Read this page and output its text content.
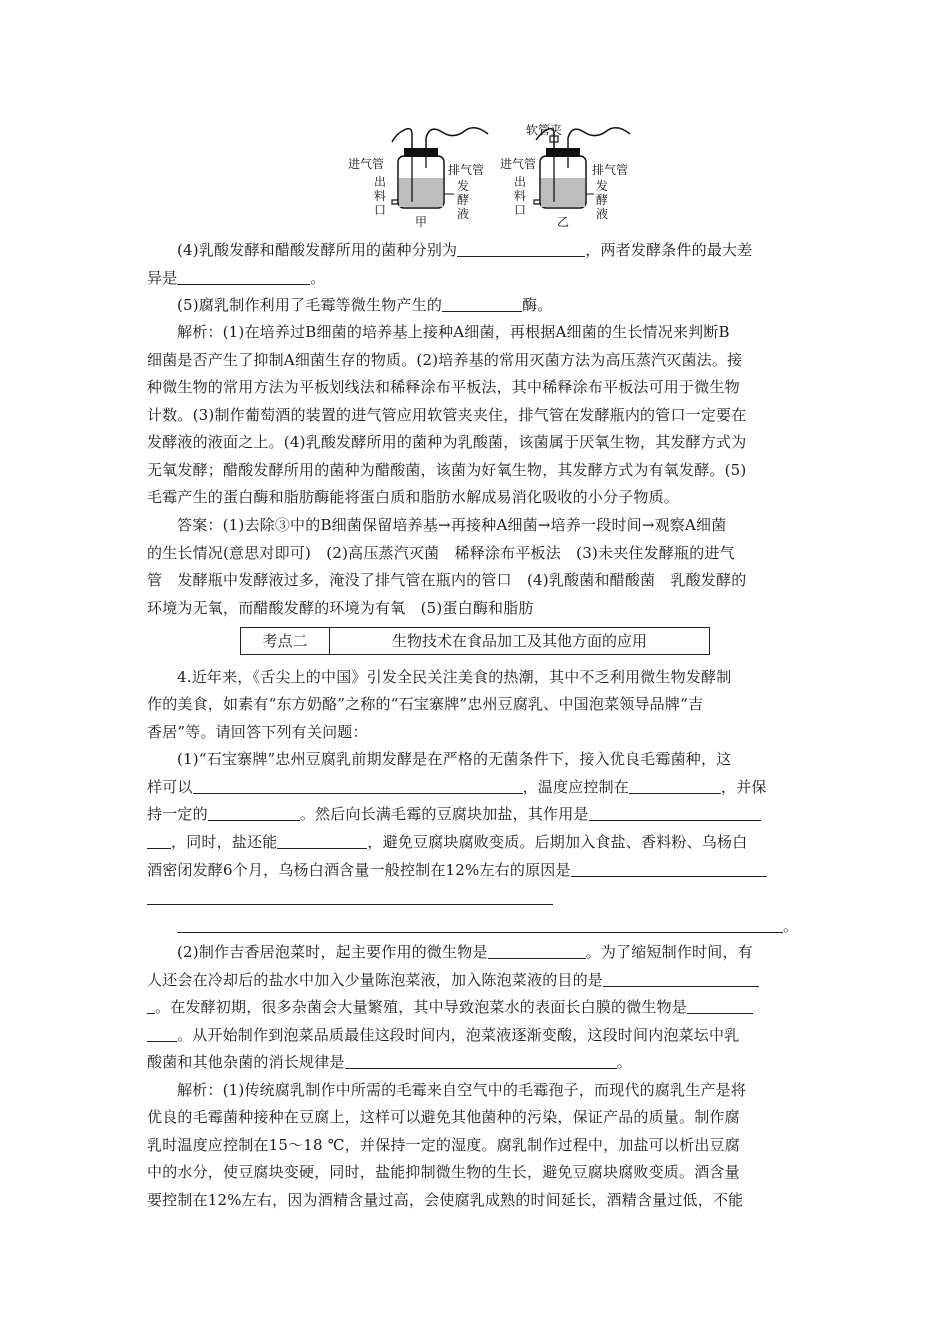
进气管	排气管
出
料
口
发
酵
液
甲
软管夹
进气管	排气管
出
料
口
发
酵
液
乙
(4)乳酸发酵和醋酸发酵所用的菌种分别为	，两者发酵条件的最大差
异是	。
(5)腐乳制作利用了毛霉等微生物产生的	酶。
解析：(1)在培养过B细菌的培养基上接种A细菌，再根据A细菌的生长情况来判断B
细菌是否产生了抑制A细菌生存的物质。(2)培养基的常用灭菌方法为高压蒸汽灭菌法。接
种微生物的常用方法为平板划线法和稀释涂布平板法，其中稀释涂布平板法可用于微生物
计数。(3)制作葡萄酒的装置的进气管应用软管夹夹住，排气管在发酵瓶内的管口一定要在
发酵液的液面之上。(4)乳酸发酵所用的菌种为乳酸菌，该菌属于厌氧生物，其发酵方式为
无氧发酵；醋酸发酵所用的菌种为醋酸菌，该菌为好氧生物，其发酵方式为有氧发酵。(5)
毛霉产生的蛋白酶和脂肪酶能将蛋白质和脂肪水解成易消化吸收的小分子物质。
答案：(1)去除③中的B细菌保留培养基→再接种A细菌→培养一段时间→观察A细菌
的生长情况(意思对即可)　(2)高压蒸汽灭菌　稀释涂布平板法　(3)未夹住发酵瓶的进气
管　发酵瓶中发酵液过多，淹没了排气管在瓶内的管口　(4)乳酸菌和醋酸菌　乳酸发酵的
环境为无氧，而醋酸发酵的环境为有氧　(5)蛋白酶和脂肪
考点二	生物技术在食品加工及其他方面的应用
4.近年来，《舌尖上的中国》引发全民关注美食的热潮，其中不乏利用微生物发酵制
作的美食，如素有“东方奶酪”之称的“石宝寨牌”忠州豆腐乳、中国泡菜领导品牌“吉
香居”等。请回答下列有关问题：
(1)“石宝寨牌”忠州豆腐乳前期发酵是在严格的无菌条件下，接入优良毛霉菌种，这
样可以	，温度应控制在	，并保
持一定的	。然后向长满毛霉的豆腐块加盐，其作用是
，同时，盐还能	，避免豆腐块腐败变质。后期加入食盐、香料粉、乌杨白
酒密闭发酵6个月，乌杨白酒含量一般控制在12%左右的原因是
。
(2)制作吉香居泡菜时，起主要作用的微生物是	。为了缩短制作时间，有
人还会在冷却后的盐水中加入少量陈泡菜液，加入陈泡菜液的目的是
。在发酵初期，很多杂菌会大量繁殖，其中导致泡菜水的表面长白膜的微生物是
。从开始制作到泡菜品质最佳这段时间内，泡菜液逐渐变酸，这段时间内泡菜坛中乳
酸菌和其他杂菌的消长规律是	。
解析：(1)传统腐乳制作中所需的毛霉来自空气中的毛霉孢子，而现代的腐乳生产是将
优良的毛霉菌种接种在豆腐上，这样可以避免其他菌种的污染，保证产品的质量。制作腐
乳时温度应控制在15～18 ℃，并保持一定的湿度。腐乳制作过程中，加盐可以析出豆腐
中的水分，使豆腐块变硬，同时，盐能抑制微生物的生长，避免豆腐块腐败变质。酒含量
要控制在12%左右，因为酒精含量过高，会使腐乳成熟的时间延长，酒精含量过低，不能
